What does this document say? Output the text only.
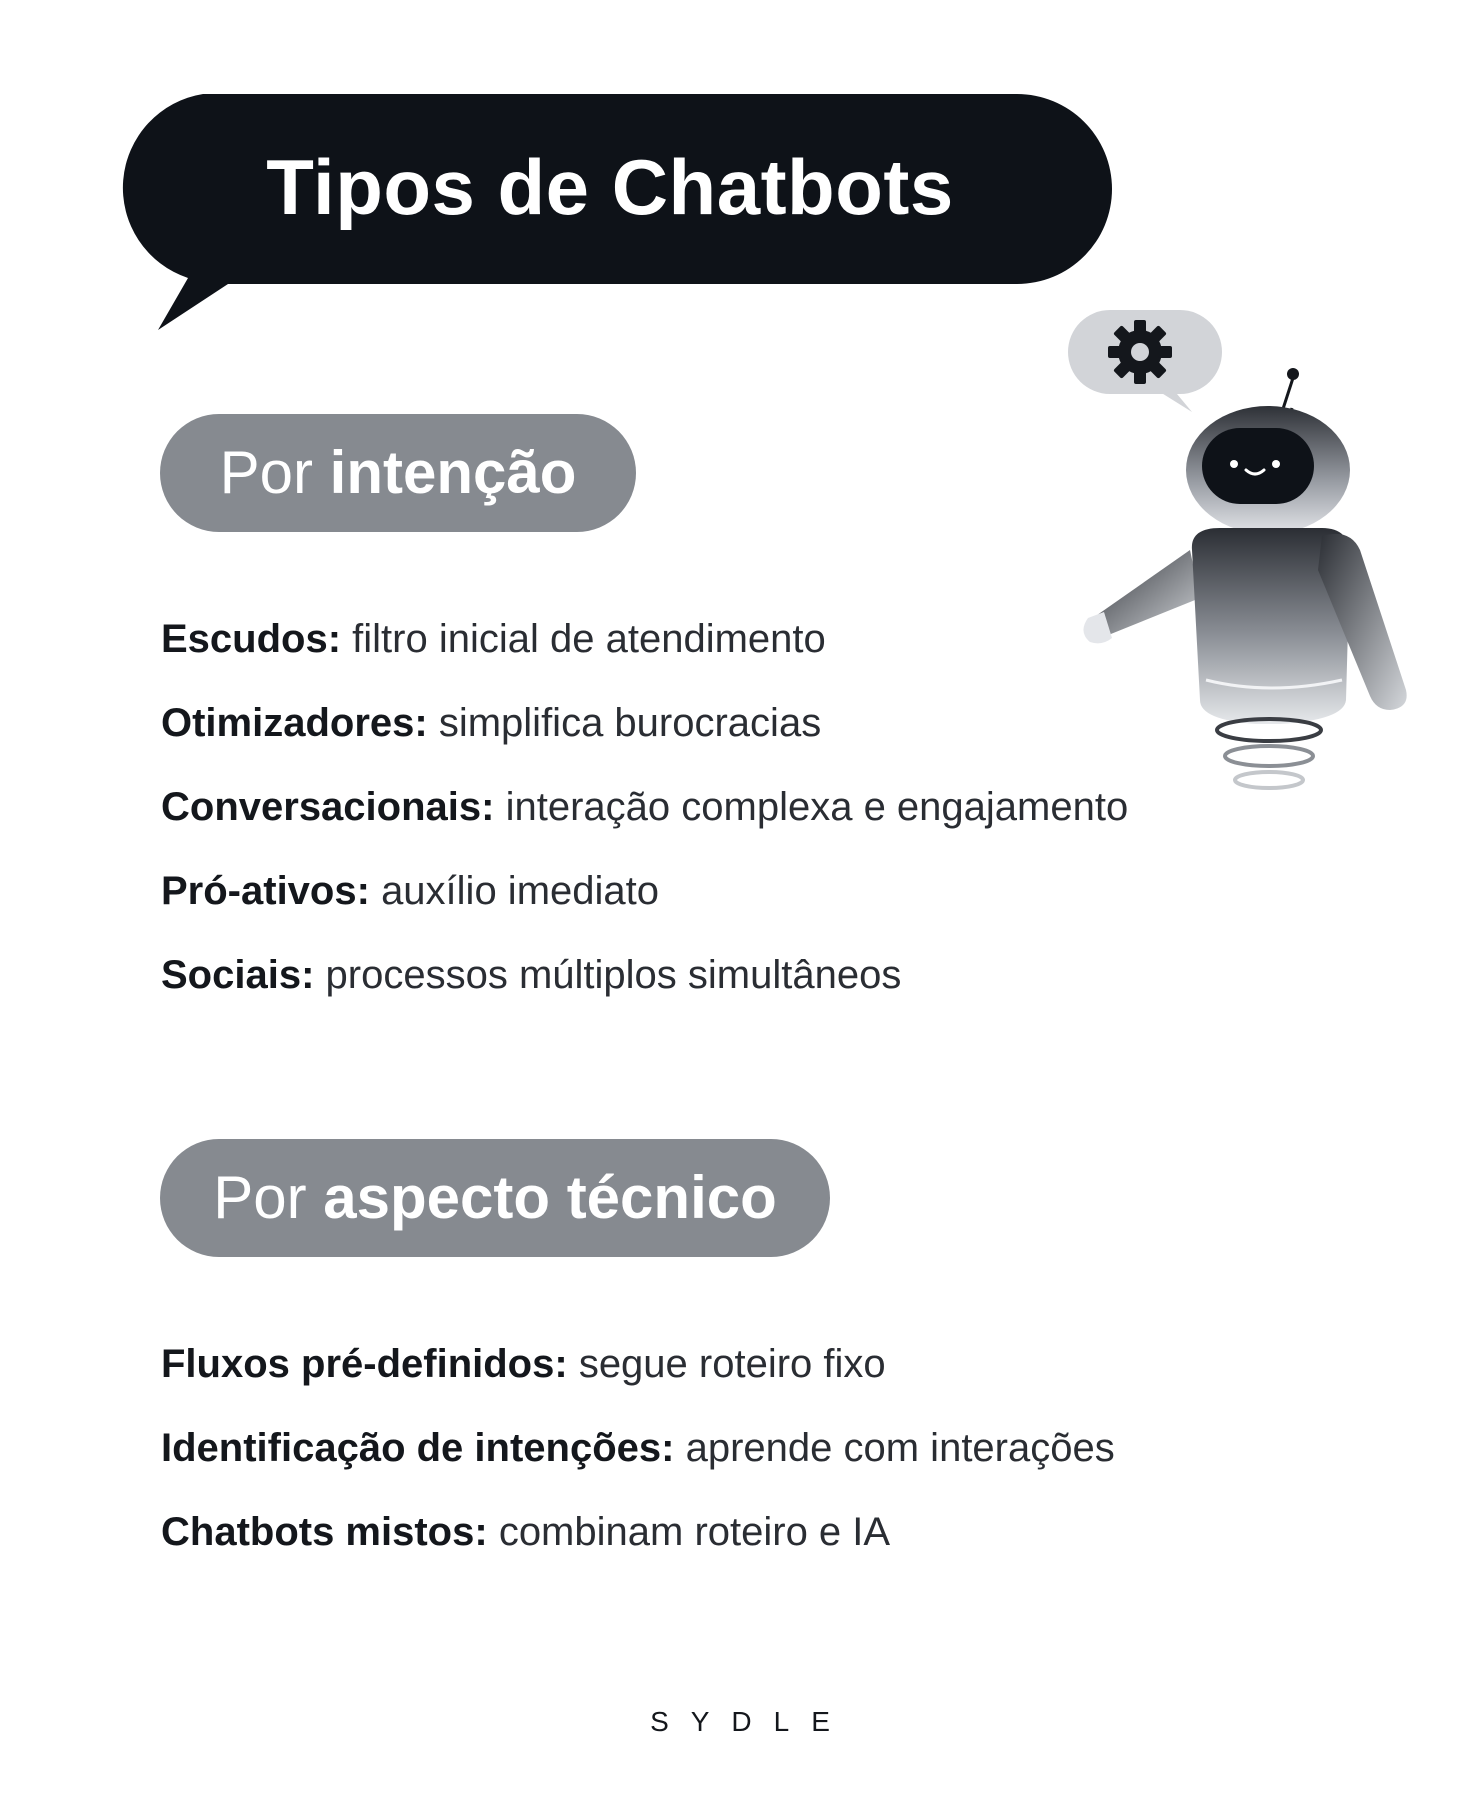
Tipos de Chatbots
Por intenção
Escudos: filtro inicial de atendimento
Otimizadores: simplifica burocracias
Conversacionais: interação complexa e engajamento
Pró-ativos: auxílio imediato
Sociais: processos múltiplos simultâneos
Por aspecto técnico
Fluxos pré-definidos: segue roteiro fixo
Identificação de intenções: aprende com interações
Chatbots mistos: combinam roteiro e IA
SYDLE
